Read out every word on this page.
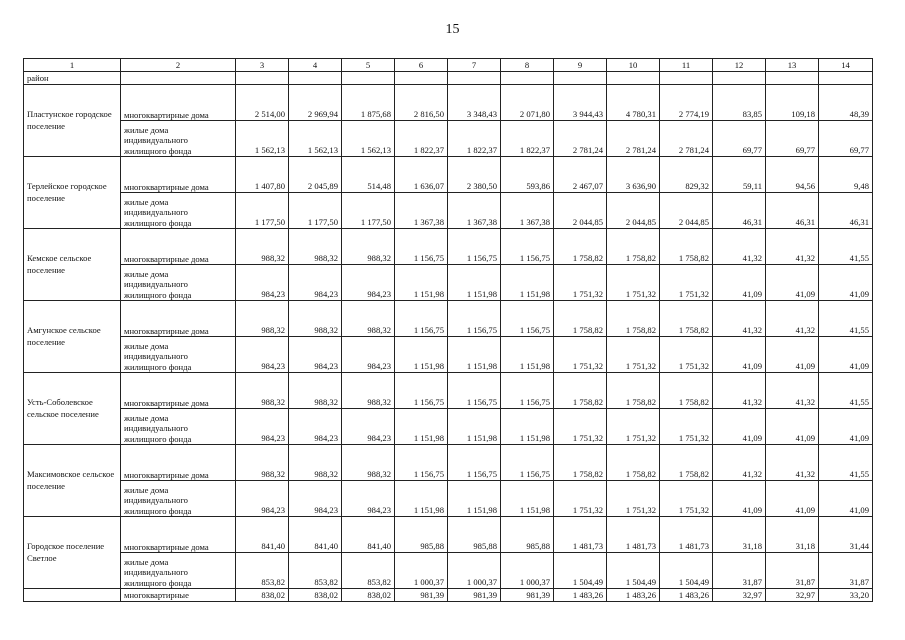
15
1	2	3	4	5	6	7	8	9	10	11	12	13	14
район													
Пластунское городское поселение	многоквартирные дома	2 514,00	2 969,94	1 875,68	2 816,50	3 348,43	2 071,80	3 944,43	4 780,31	2 774,19	83,85	109,18	48,39
	жилые дома индивидуального жилищного фонда	1 562,13	1 562,13	1 562,13	1 822,37	1 822,37	1 822,37	2 781,24	2 781,24	2 781,24	69,77	69,77	69,77
Терлейское городское поселение	многоквартирные дома	1 407,80	2 045,89	514,48	1 636,07	2 380,50	593,86	2 467,07	3 636,90	829,32	59,11	94,56	9,48
	жилые дома индивидуального жилищного фонда	1 177,50	1 177,50	1 177,50	1 367,38	1 367,38	1 367,38	2 044,85	2 044,85	2 044,85	46,31	46,31	46,31
Кемское сельское поселение	многоквартирные дома	988,32	988,32	988,32	1 156,75	1 156,75	1 156,75	1 758,82	1 758,82	1 758,82	41,32	41,32	41,55
	жилые дома индивидуального жилищного фонда	984,23	984,23	984,23	1 151,98	1 151,98	1 151,98	1 751,32	1 751,32	1 751,32	41,09	41,09	41,09
Амгунское сельское поселение	многоквартирные дома	988,32	988,32	988,32	1 156,75	1 156,75	1 156,75	1 758,82	1 758,82	1 758,82	41,32	41,32	41,55
	жилые дома индивидуального жилищного фонда	984,23	984,23	984,23	1 151,98	1 151,98	1 151,98	1 751,32	1 751,32	1 751,32	41,09	41,09	41,09
Усть-Соболевское сельское поселение	многоквартирные дома	988,32	988,32	988,32	1 156,75	1 156,75	1 156,75	1 758,82	1 758,82	1 758,82	41,32	41,32	41,55
	жилые дома индивидуального жилищного фонда	984,23	984,23	984,23	1 151,98	1 151,98	1 151,98	1 751,32	1 751,32	1 751,32	41,09	41,09	41,09
Максимовское сельское поселение	многоквартирные дома	988,32	988,32	988,32	1 156,75	1 156,75	1 156,75	1 758,82	1 758,82	1 758,82	41,32	41,32	41,55
	жилые дома индивидуального жилищного фонда	984,23	984,23	984,23	1 151,98	1 151,98	1 151,98	1 751,32	1 751,32	1 751,32	41,09	41,09	41,09
Городское поселение Светлое	многоквартирные дома	841,40	841,40	841,40	985,88	985,88	985,88	1 481,73	1 481,73	1 481,73	31,18	31,18	31,44
	жилые дома индивидуального жилищного фонда	853,82	853,82	853,82	1 000,37	1 000,37	1 000,37	1 504,49	1 504,49	1 504,49	31,87	31,87	31,87
	многоквартирные	838,02	838,02	838,02	981,39	981,39	981,39	1 483,26	1 483,26	1 483,26	32,97	32,97	33,20
